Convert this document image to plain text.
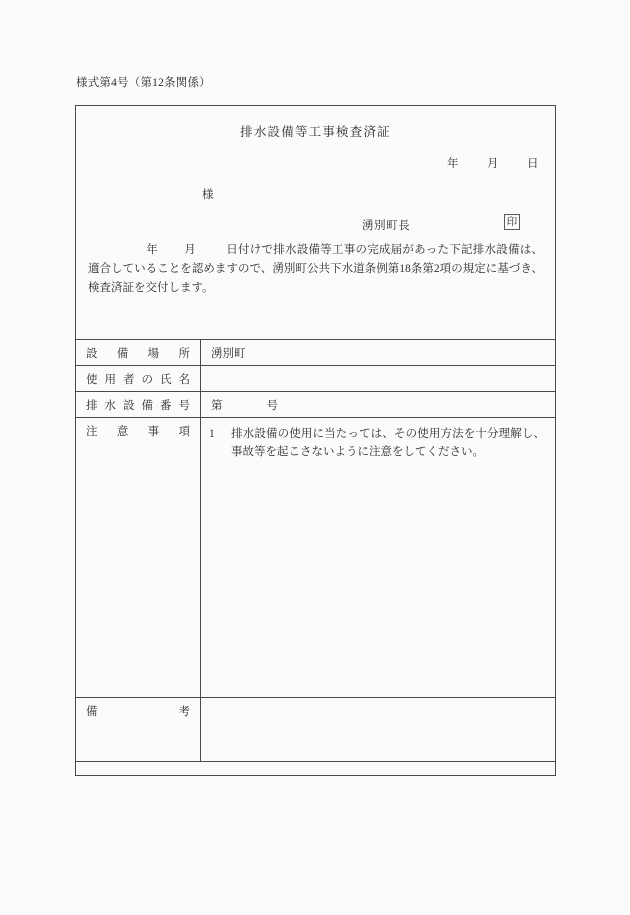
様式第4号（第12条関係）
排水設備等工事検査済証
年 月 日
様
湧別町長	印
年 月	日付けで排水設備等工事の完成届があった下記排水設備は、適合していることを認めますので、湧別町公共下水道条例第18条第2項の規定に基づき、検査済証を交付します。
設備場所	湧別町

使用者の氏名	

排水設備番号	第 号

注意事項	1 排水設備の使用に当たっては、その使用方法を十分理解し、事故等を起こさないように注意をしてください。

備考	
